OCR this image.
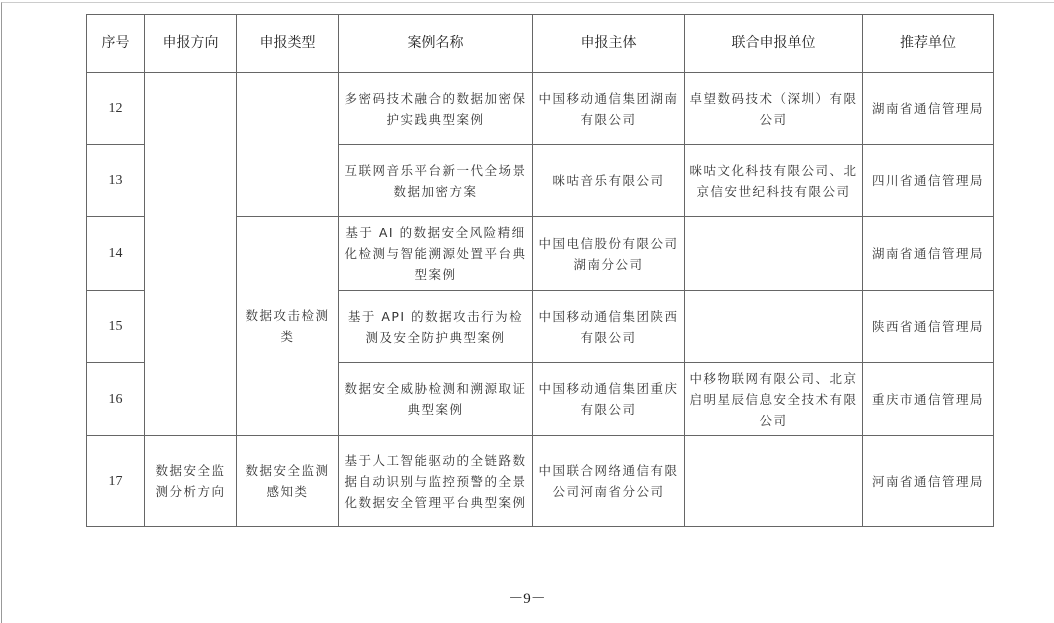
序号	申报方向	申报类型	案例名称	申报主体	联合申报单位	推荐单位
12			多密码技术融合的数据加密保护实践典型案例	中国移动通信集团湖南有限公司	卓望数码技术（深圳）有限公司	湖南省通信管理局
13			互联网音乐平台新一代全场景数据加密方案	咪咕音乐有限公司	咪咕文化科技有限公司、北京信安世纪科技有限公司	四川省通信管理局
14		数据攻击检测类	基于 AI 的数据安全风险精细化检测与智能溯源处置平台典型案例	中国电信股份有限公司湖南分公司		湖南省通信管理局
15			基于 API 的数据攻击行为检测及安全防护典型案例	中国移动通信集团陕西有限公司		陕西省通信管理局
16			数据安全威胁检测和溯源取证典型案例	中国移动通信集团重庆有限公司	中移物联网有限公司、北京启明星辰信息安全技术有限公司	重庆市通信管理局
17	数据安全监测分析方向	数据安全监测感知类	基于人工智能驱动的全链路数据自动识别与监控预警的全景化数据安全管理平台典型案例	中国联合网络通信有限公司河南省分公司		河南省通信管理局
－9－
